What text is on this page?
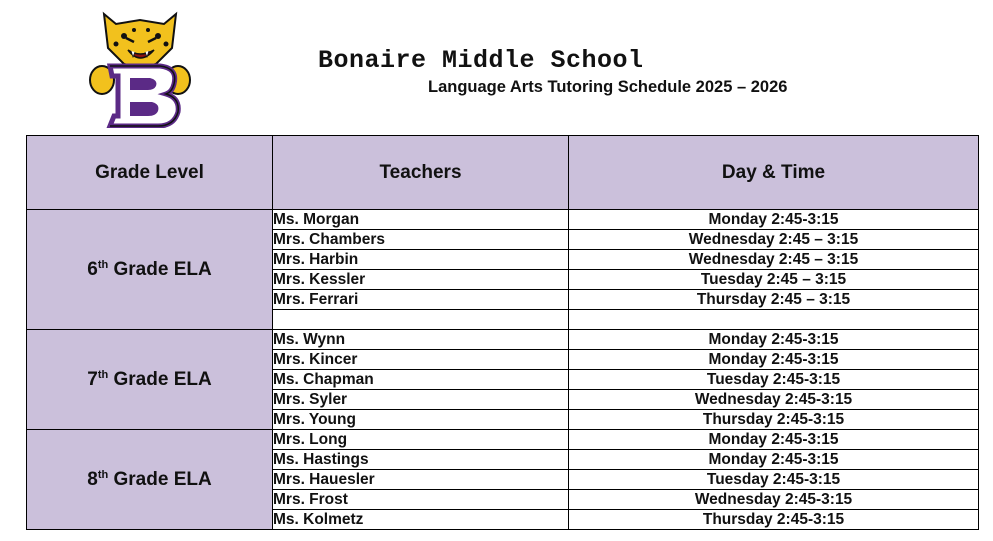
Bonaire Middle School
Language Arts Tutoring Schedule 2025 – 2026
Grade Level	Teachers	Day & Time
6th Grade ELA	Ms. Morgan	Monday 2:45-3:15
	Mrs. Chambers	Wednesday 2:45 – 3:15
	Mrs. Harbin	Wednesday 2:45 – 3:15
	Mrs. Kessler	Tuesday 2:45 – 3:15
	Mrs. Ferrari	Thursday 2:45 – 3:15

7th Grade ELA	Ms. Wynn	Monday 2:45-3:15
	Mrs. Kincer	Monday 2:45-3:15
	Ms. Chapman	Tuesday 2:45-3:15
	Mrs. Syler	Wednesday 2:45-3:15
	Mrs. Young	Thursday 2:45-3:15
8th Grade ELA	Mrs. Long	Monday 2:45-3:15
	Ms. Hastings	Monday 2:45-3:15
	Mrs. Hauesler	Tuesday 2:45-3:15
	Mrs. Frost	Wednesday 2:45-3:15
	Ms. Kolmetz	Thursday 2:45-3:15
